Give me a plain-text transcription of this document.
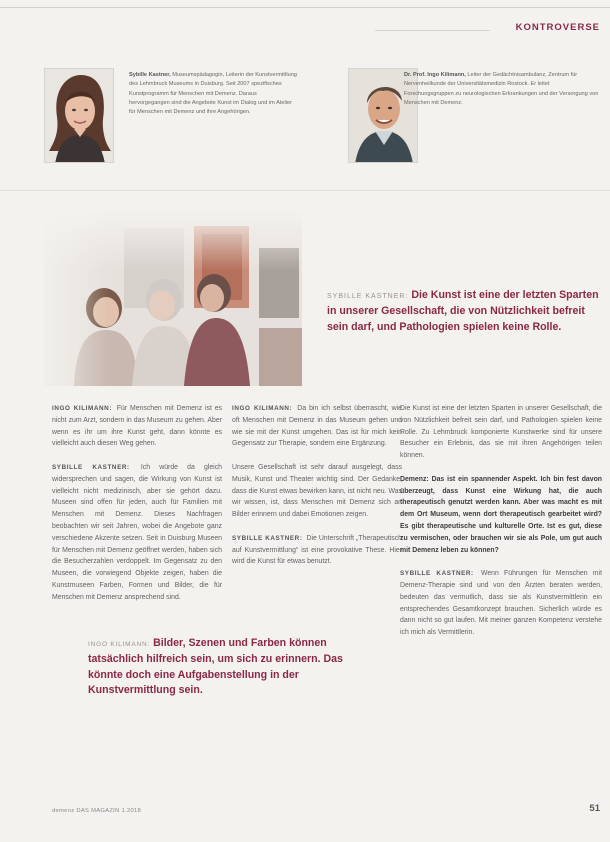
KONTROVERSE
Sybille Kastner, Museumspädagogin, Leiterin der Kunstvermittlung des Lehmbruck Museums in Duisburg. Seit 2007 spezifisches Kunstprogramm für Menschen mit Demenz. Daraus hervorgegangen sind die Angebote Kunst im Dialog und im Atelier für Menschen mit Demenz und ihre Angehörigen.
Dr. Prof. Ingo Kilimann, Leiter der Gedächtnisambulanz, Zentrum für Nervenheilkunde der Universitätsmedizin Rostock. Er leitet Forschungsgruppen zu neurologischen Erkrankungen und der Versorgung von Menschen mit Demenz.
SYBILLE KASTNER: Die Kunst ist eine der letzten Sparten in unserer Gesellschaft, die von Nützlichkeit befreit sein darf, und Pathologien spielen keine Rolle.

INGO KILIMANN: Für Menschen mit Demenz ist es nicht zum Arzt, sondern in das Museum zu gehen. Aber wenn es ihr um ihre Kunst geht, dann könnte es vielleicht auch diesen Weg gehen.

SYBILLE KASTNER: Ich würde da gleich widersprechen und sagen, die Wirkung von Kunst ist vielleicht nicht medizinisch, aber sie gehört dazu. Museen sind offen für jeden, auch für Familien mit Menschen mit Demenz. Dieses Nachfragen beobachten wir seit Jahren, wobei die Angebote ganz verschiedene Akzente setzen. Seit in Duisburg Museen für Menschen mit Demenz geöffnet werden, haben sich die Besucherzahlen verdoppelt. Im Gegensatz zu den Museen, die vorwiegend Objekte zeigen, haben die Kunstmuseen Farben, Formen und Bilder, die für Menschen mit Demenz ansprechend sind.

INGO KILIMANN: Da bin ich selbst überrascht, wie oft Menschen mit Demenz in das Museum gehen und wie sie mit der Kunst umgehen. Das ist für mich kein Gegensatz zur Therapie, sondern eine Ergänzung.

Unsere Gesellschaft ist sehr darauf ausgelegt, dass Musik, Kunst und Theater wichtig sind. Der Gedanke, dass die Kunst etwas bewirken kann, ist nicht neu. Was wir wissen, ist, dass Menschen mit Demenz sich an Bilder erinnern und dabei Emotionen zeigen.

SYBILLE KASTNER: Die Unterschrift „Therapeutisch auf Kunstvermittlung“ ist eine provokative These. Hier wird die Kunst für etwas benutzt.

Die Kunst ist eine der letzten Sparten in unserer Gesellschaft, die von Nützlichkeit befreit sein darf, und Pathologien spielen keine Rolle. Zu Lehmbruck komponierte Kunstwerke sind für unsere Besucher ein Erlebnis, das sie mit ihren Angehörigen teilen können.

Demenz: Das ist ein spannender Aspekt. Ich bin fest davon überzeugt, dass Kunst eine Wirkung hat, die auch therapeutisch genutzt werden kann. Aber was macht es mit dem Ort Museum, wenn dort therapeutisch gearbeitet wird? Es gibt therapeutische und kulturelle Orte. Ist es gut, diese zu vermischen, oder brauchen wir sie als Pole, um gut auch mit Demenz leben zu können?

SYBILLE KASTNER: Wenn Führungen für Menschen mit Demenz-Therapie sind und von den Ärzten beraten werden, bedeuten das vermutlich, dass sie als Kunstvermittlerin ein entsprechendes Gesamtkonzept brauchen. Sicherlich würde es dann nicht so gut laufen. Mit meiner ganzen Kompetenz verstehe ich mich als Vermittlerin.

INGO KILIMANN: Bilder, Szenen und Farben können tatsächlich hilfreich sein, um sich zu erinnern. Das könnte doch eine Aufgabenstellung in der Kunstvermittlung sein.
demenz DAS MAGAZIN 1.2018	51
